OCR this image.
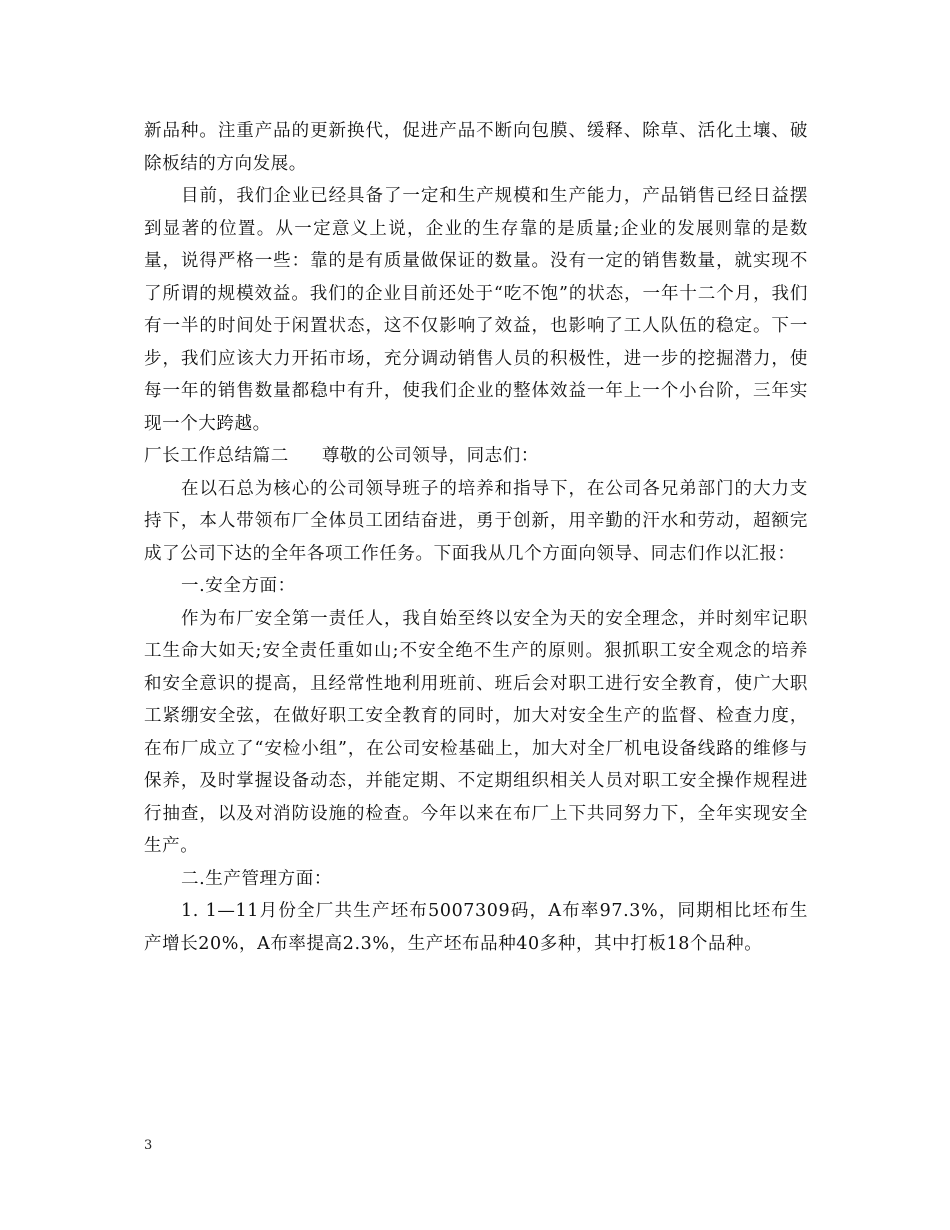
新品种。注重产品的更新换代，促进产品不断向包膜、缓释、除草、活化土壤、破除板结的方向发展。

目前，我们企业已经具备了一定和生产规模和生产能力，产品销售已经日益摆到显著的位置。从一定意义上说，企业的生存靠的是质量;企业的发展则靠的是数量，说得严格一些：靠的是有质量做保证的数量。没有一定的销售数量，就实现不了所谓的规模效益。我们的企业目前还处于“吃不饱”的状态，一年十二个月，我们有一半的时间处于闲置状态，这不仅影响了效益，也影响了工人队伍的稳定。下一步，我们应该大力开拓市场，充分调动销售人员的积极性，进一步的挖掘潜力，使每一年的销售数量都稳中有升，使我们企业的整体效益一年上一个小台阶，三年实现一个大跨越。

厂长工作总结篇二 尊敬的公司领导，同志们：

在以石总为核心的公司领导班子的培养和指导下，在公司各兄弟部门的大力支持下，本人带领布厂全体员工团结奋进，勇于创新，用辛勤的汗水和劳动，超额完成了公司下达的全年各项工作任务。下面我从几个方面向领导、同志们作以汇报：

一.安全方面：

作为布厂安全第一责任人，我自始至终以安全为天的安全理念，并时刻牢记职工生命大如天;安全责任重如山;不安全绝不生产的原则。狠抓职工安全观念的培养和安全意识的提高，且经常性地利用班前、班后会对职工进行安全教育，使广大职工紧绷安全弦，在做好职工安全教育的同时，加大对安全生产的监督、检查力度，在布厂成立了“安检小组”，在公司安检基础上，加大对全厂机电设备线路的维修与保养，及时掌握设备动态，并能定期、不定期组织相关人员对职工安全操作规程进行抽查，以及对消防设施的检查。今年以来在布厂上下共同努力下，全年实现安全生产。

二.生产管理方面：

1. 1—11月份全厂共生产坯布5007309码，A布率97.3%，同期相比坯布生产增长20%，A布率提高2.3%，生产坯布品种40多种，其中打板18个品种。

3
